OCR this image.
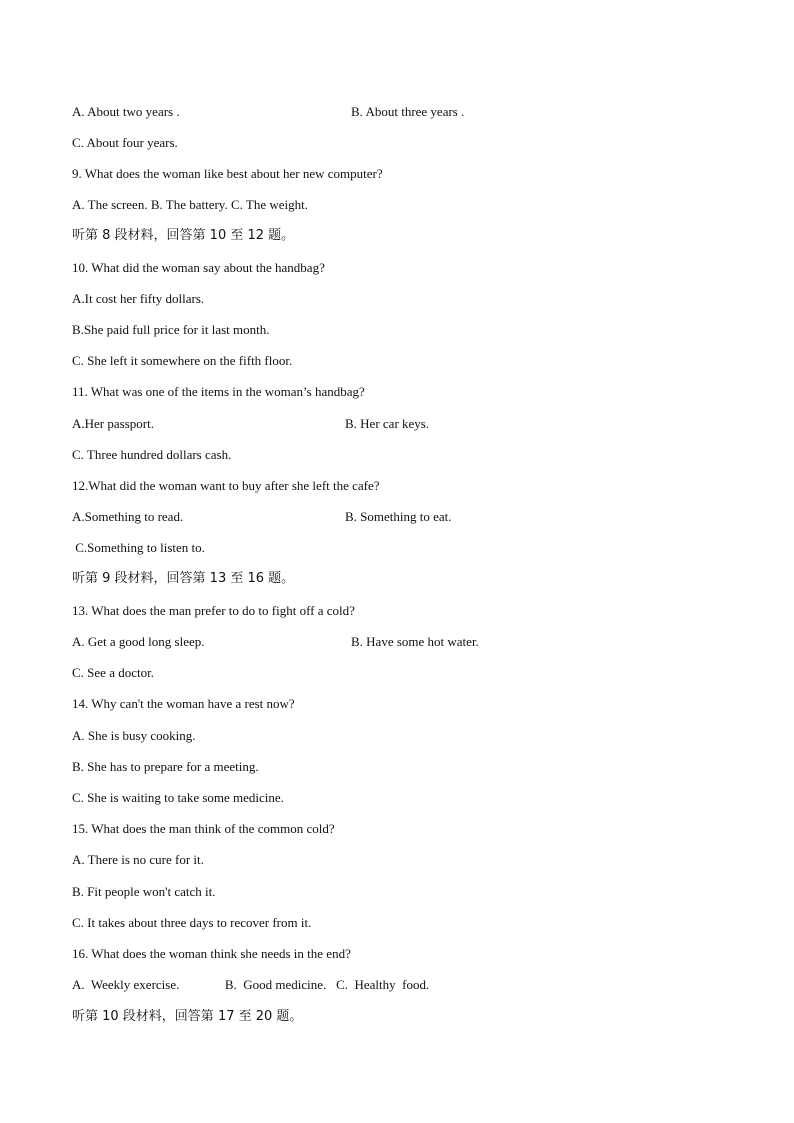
A. About two years .	B. About three years .
C. About four years.
9. What does the woman like best about her new computer?
A. The screen. B. The battery. C. The weight.
听第 8 段材料，回答第 10 至 12 题。
10. What did the woman say about the handbag?
A.It cost her fifty dollars.
B.She paid full price for it last month.
C. She left it somewhere on the fifth floor.
11. What was one of the items in the woman’s handbag?
A.Her passport.	B. Her car keys.
C. Three hundred dollars cash.
12.What did the woman want to buy after she left the cafe?
A.Something to read.	B. Something to eat.
C.Something to listen to.
听第 9 段材料，回答第 13 至 16 题。
13. What does the man prefer to do to fight off a cold?
A. Get a good long sleep.	B. Have some hot water.
C. See a doctor.
14. Why can't the woman have a rest now?
A. She is busy cooking.
B. She has to prepare for a meeting.
C. She is waiting to take some medicine.
15. What does the man think of the common cold?
A. There is no cure for it.
B. Fit people won't catch it.
C. It takes about three days to recover from it.
16. What does the woman think she needs in the end?
A.  Weekly exercise.              B.  Good medicine.   C.  Healthy  food.
听第 10 段材料，回答第 17 至 20 题。
